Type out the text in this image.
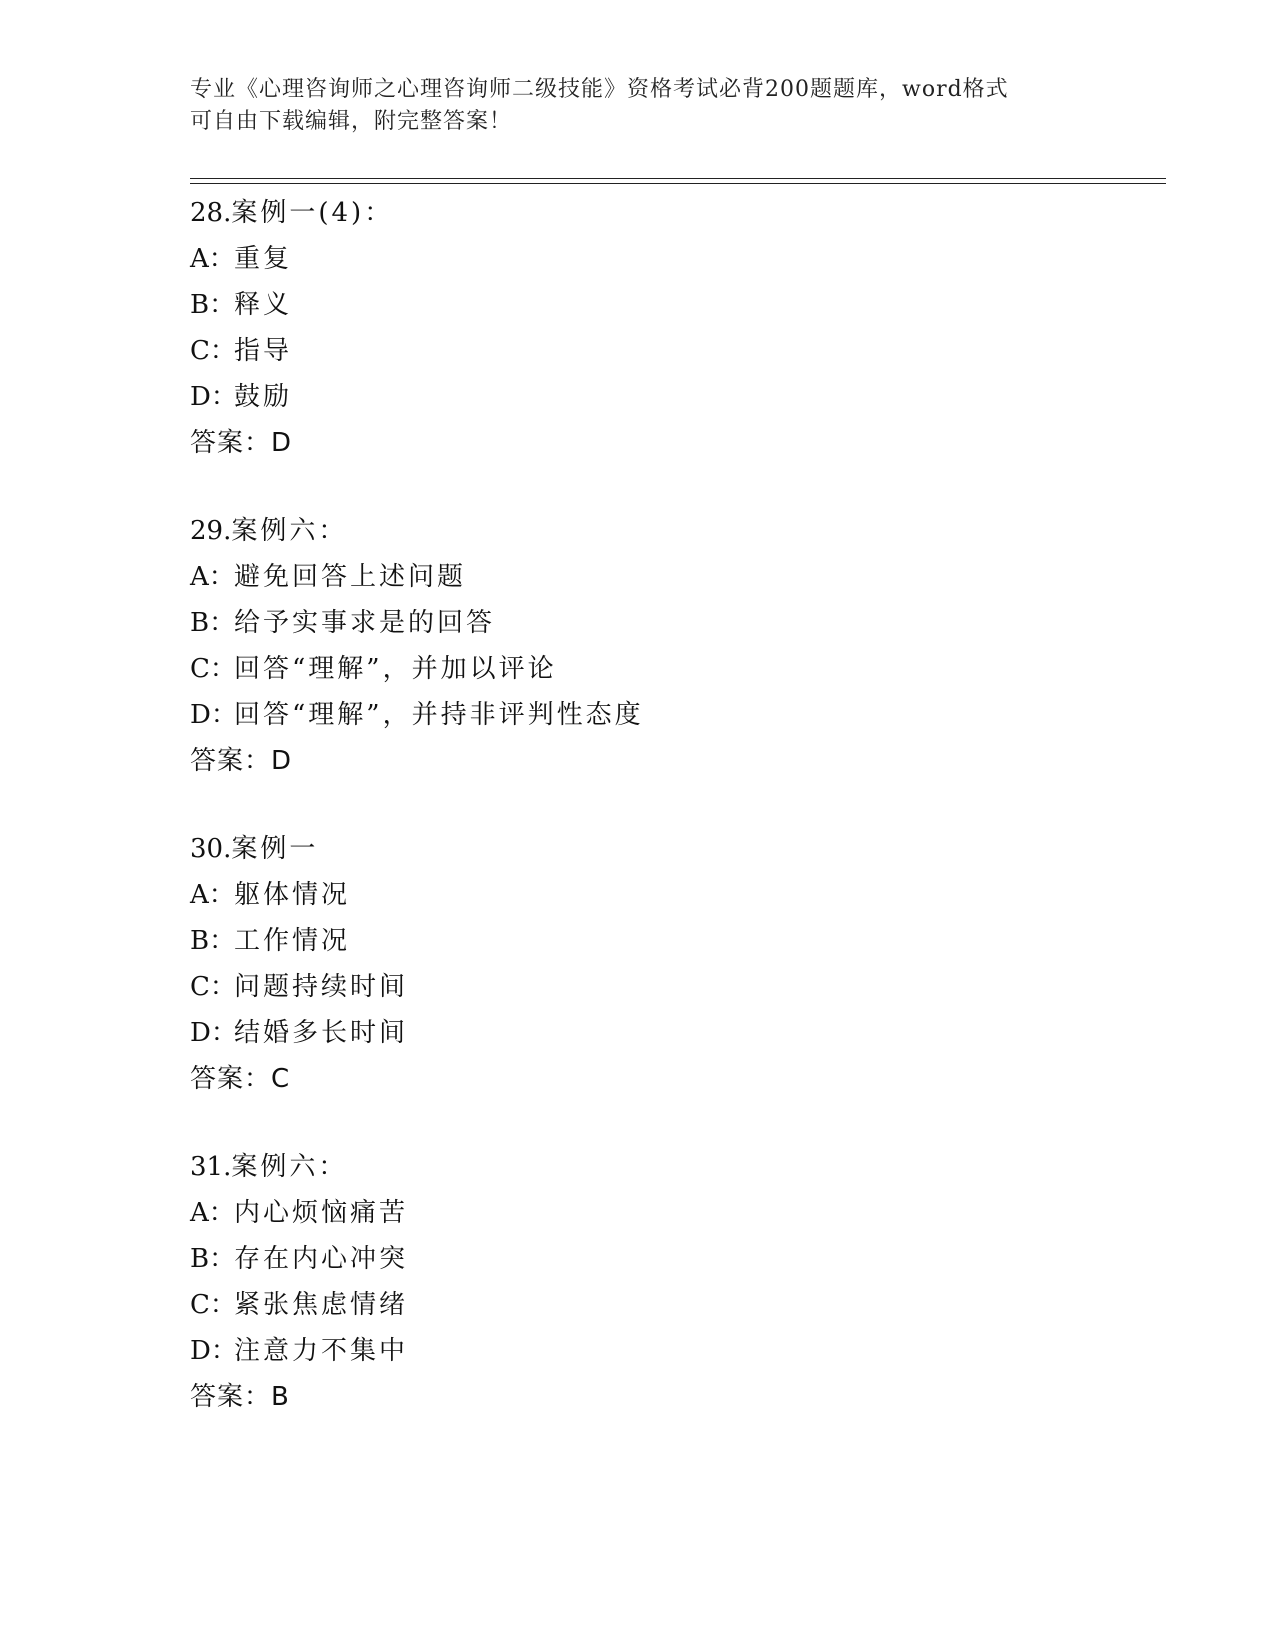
专业《心理咨询师之心理咨询师二级技能》资格考试必背200题题库，word格式
可自由下载编辑，附完整答案！
28.案例一(4)：
A：重复
B：释义
C：指导
D：鼓励
答案：D
29.案例六：
A：避免回答上述问题
B：给予实事求是的回答
C：回答“理解”，并加以评论
D：回答“理解”，并持非评判性态度
答案：D
30.案例一
A：躯体情况
B：工作情况
C：问题持续时间
D：结婚多长时间
答案：C
31.案例六：
A：内心烦恼痛苦
B：存在内心冲突
C：紧张焦虑情绪
D：注意力不集中
答案：B
